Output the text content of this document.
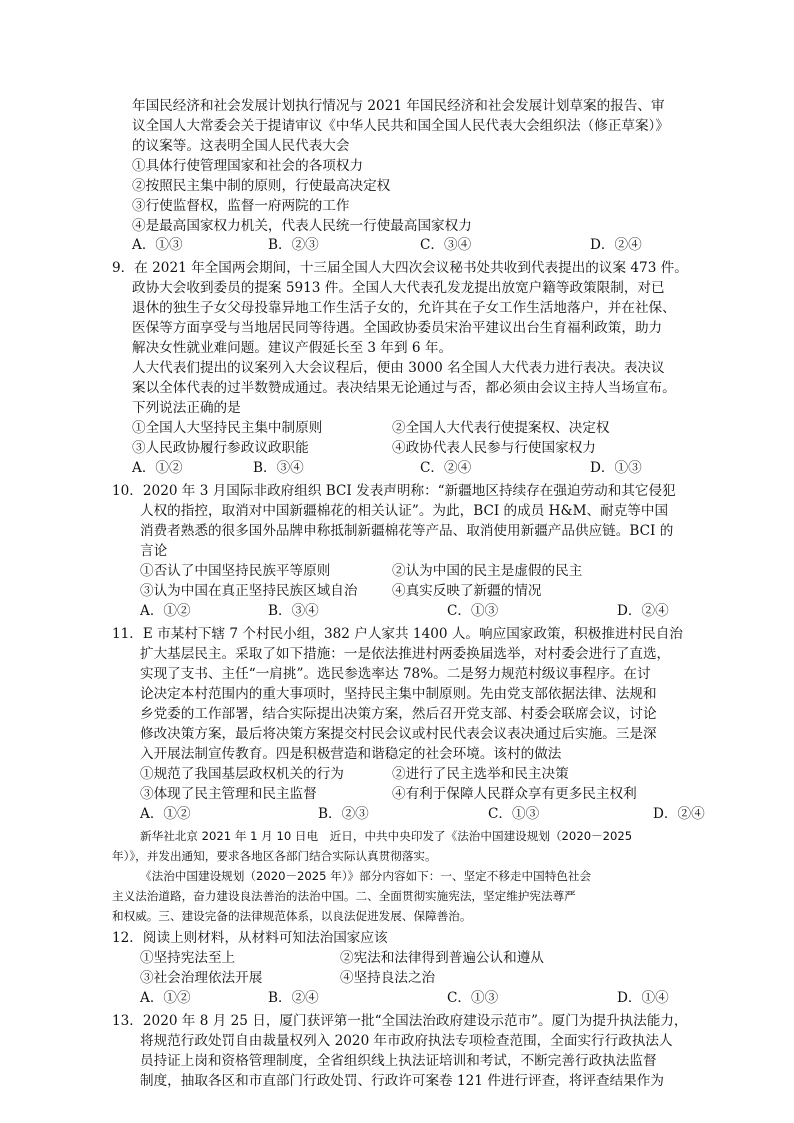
年国民经济和社会发展计划执行情况与 2021 年国民经济和社会发展计划草案的报告、审
议全国人大常委会关于提请审议《中华人民共和国全国人民代表大会组织法（修正草案）》
的议案等。这表明全国人民代表大会
①具体行使管理国家和社会的各项权力
②按照民主集中制的原则，行使最高决定权
③行使监督权，监督一府两院的工作
④是最高国家权力机关，代表人民统一行使最高国家权力
A．①③	B．②③	C．③④	D．②④
9．在 2021 年全国两会期间，十三届全国人大四次会议秘书处共收到代表提出的议案 473 件。
政协大会收到委员的提案 5913 件。全国人大代表孔发龙提出放宽户籍等政策限制，对已
退休的独生子女父母投靠异地工作生活子女的，允许其在子女工作生活地落户，并在社保、
医保等方面享受与当地居民同等待遇。全国政协委员宋治平建议出台生育福利政策，助力
解决女性就业难问题。建议产假延长至 3 年到 6 年。
人大代表们提出的议案列入大会议程后，便由 3000 名全国人大代表力进行表决。表决议
案以全体代表的过半数赞成通过。表决结果无论通过与否，都必须由会议主持人当场宣布。
下列说法正确的是
①全国人大坚持民主集中制原则	②全国人大代表行使提案权、决定权
③人民政协履行参政议政职能	④政协代表人民参与行使国家权力
A．①②	B．③④	C．②④	D．①③
10．2020 年 3 月国际非政府组织 BCI 发表声明称：“新疆地区持续存在强迫劳动和其它侵犯
人权的指控，取消对中国新疆棉花的相关认证”。为此，BCI 的成员 H&M、耐克等中国
消费者熟悉的很多国外品牌申称抵制新疆棉花等产品、取消使用新疆产品供应链。BCI 的
言论
①否认了中国坚持民族平等原则	②认为中国的民主是虚假的民主
③认为中国在真正坚持民族区域自治	④真实反映了新疆的情况
A．①②	B．③④	C．①③	D．②④
11．E 市某村下辖 7 个村民小组，382 户人家共 1400 人。响应国家政策，积极推进村民自治
扩大基层民主。采取了如下措施：一是依法推进村两委换届选举，对村委会进行了直选，
实现了支书、主任“一肩挑”。选民参选率达 78%。二是努力规范村级议事程序。在讨
论决定本村范围内的重大事项时，坚持民主集中制原则。先由党支部依据法律、法规和
乡党委的工作部署，结合实际提出决策方案，然后召开党支部、村委会联席会议，讨论
修改决策方案，最后将决策方案提交村民会议或村民代表会议表决通过后实施。三是深
入开展法制宣传教育。四是积极营造和谐稳定的社会环境。该村的做法
①规范了我国基层政权机关的行为	②进行了民主选举和民主决策
③体现了民主管理和民主监督	④有利于保障人民群众享有更多民主权利
A．①②	B．②③	C．①③	D．②④
新华社北京 2021 年 1 月 10 日电　近日，中共中央印发了《法治中国建设规划（2020－2025
年）》，并发出通知，要求各地区各部门结合实际认真贯彻落实。
《法治中国建设规划（2020－2025 年）》部分内容如下：一、坚定不移走中国特色社会
主义法治道路，奋力建设良法善治的法治中国。二、全面贯彻实施宪法，坚定维护宪法尊严
和权威。三、建设完备的法律规范体系，以良法促进发展、保障善治。
12．阅读上则材料，从材料可知法治国家应该
①坚持宪法至上	②宪法和法律得到普遍公认和遵从
③社会治理依法开展	④坚持良法之治
A．①②	B．②④	C．①③	D．①④
13．2020 年 8 月 25 日，厦门获评第一批“全国法治政府建设示范市”。厦门为提升执法能力，
将规范行政处罚自由裁量权列入 2020 年市政府执法专项检查范围，全面实行行政执法人
员持证上岗和资格管理制度，全省组织线上执法证培训和考试，不断完善行政执法监督
制度，抽取各区和市直部门行政处罚、行政许可案卷 121 件进行评查，将评查结果作为
